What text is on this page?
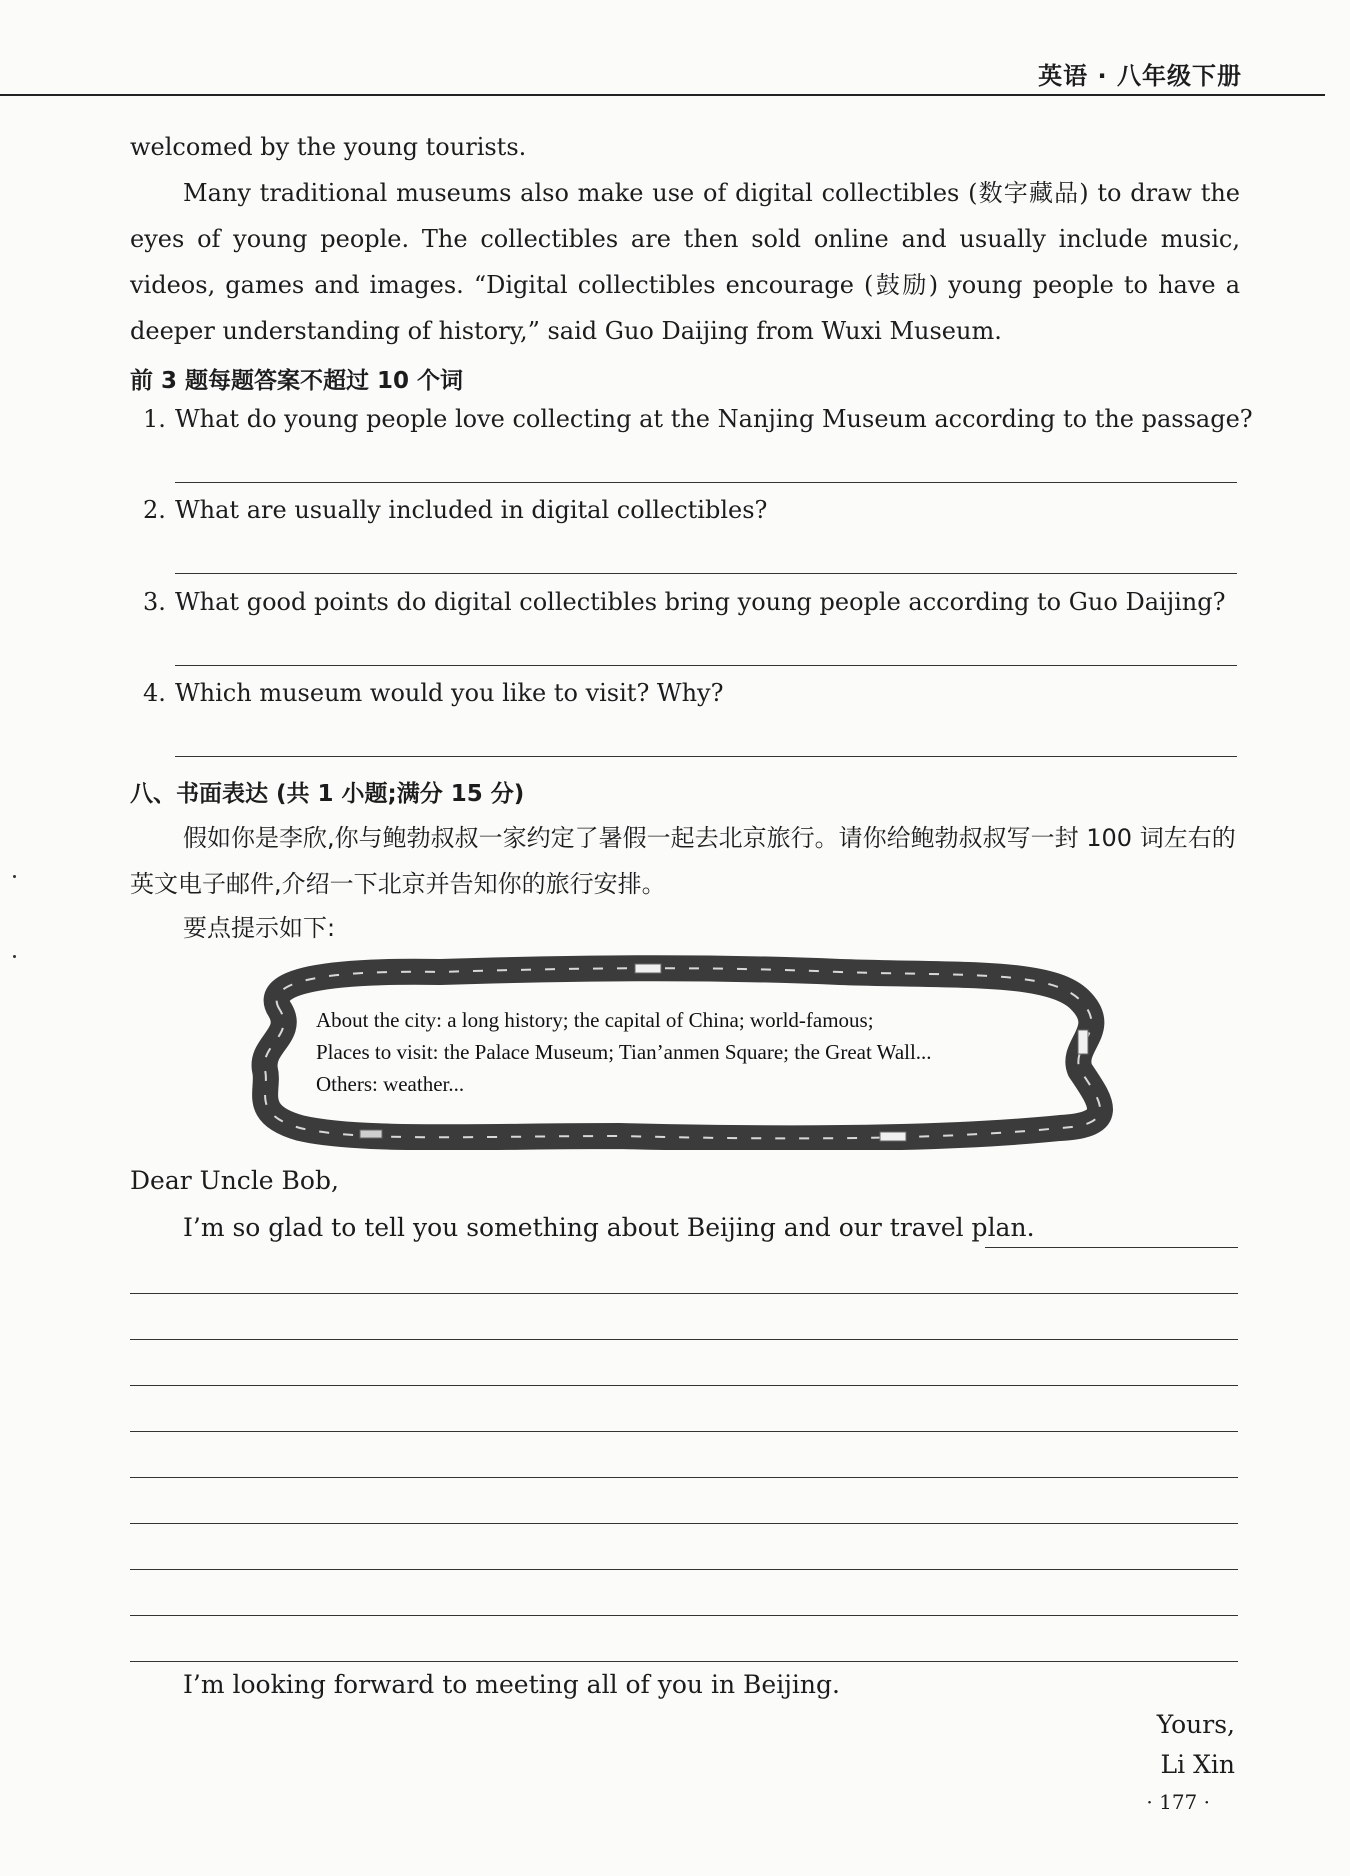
英语 · 八年级下册
welcomed by the young tourists.
Many traditional museums also make use of digital collectibles (数字藏品) to draw the eyes of young people. The collectibles are then sold online and usually include music, videos, games and images. “Digital collectibles encourage (鼓励) young people to have a deeper understanding of history,” said Guo Daijing from Wuxi Museum.
前 3 题每题答案不超过 10 个词
1. What do young people love collecting at the Nanjing Museum according to the passage?
2. What are usually included in digital collectibles?
3. What good points do digital collectibles bring young people according to Guo Daijing?
4. Which museum would you like to visit? Why?
八、书面表达 (共 1 小题;满分 15 分)
假如你是李欣,你与鲍勃叔叔一家约定了暑假一起去北京旅行。请你给鲍勃叔叔写一封 100 词左右的英文电子邮件,介绍一下北京并告知你的旅行安排。
要点提示如下:
About the city: a long history; the capital of China; world-famous;
Places to visit: the Palace Museum; Tian’anmen Square; the Great Wall...
Others: weather...
Dear Uncle Bob,
I’m so glad to tell you something about Beijing and our travel plan.
I’m looking forward to meeting all of you in Beijing.
Yours,
Li Xin
· 177 ·
